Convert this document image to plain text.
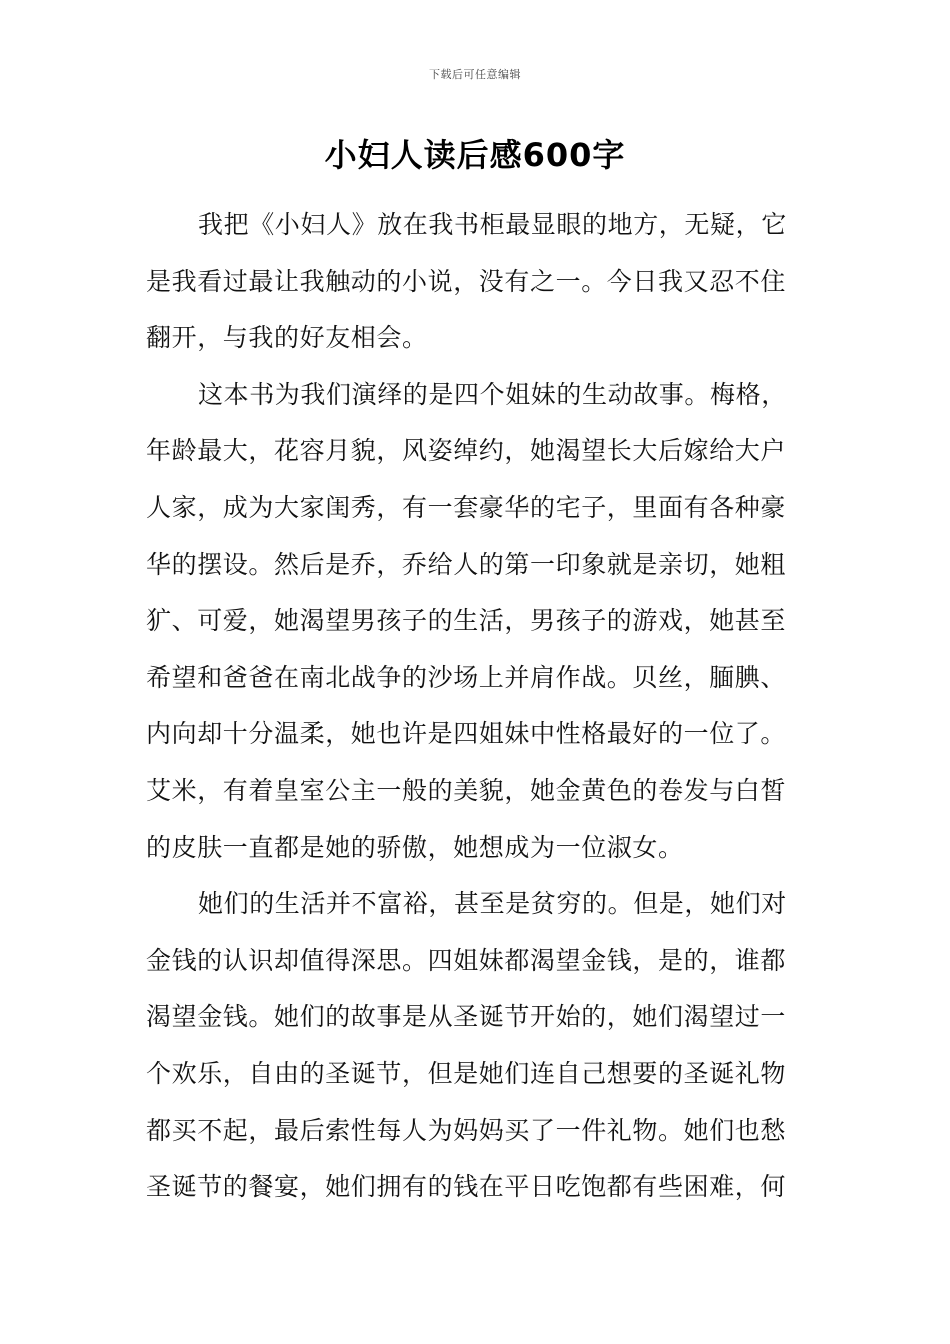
下载后可任意编辑
小妇人读后感600字
我把《小妇人》放在我书柜最显眼的地方，无疑，它
是我看过最让我触动的小说，没有之一。今日我又忍不住
翻开，与我的好友相会。
这本书为我们演绎的是四个姐妹的生动故事。梅格，
年龄最大，花容月貌，风姿绰约，她渴望长大后嫁给大户
人家，成为大家闺秀，有一套豪华的宅子，里面有各种豪
华的摆设。然后是乔，乔给人的第一印象就是亲切，她粗
犷、可爱，她渴望男孩子的生活，男孩子的游戏，她甚至
希望和爸爸在南北战争的沙场上并肩作战。贝丝，腼腆、
内向却十分温柔，她也许是四姐妹中性格最好的一位了。
艾米，有着皇室公主一般的美貌，她金黄色的卷发与白皙
的皮肤一直都是她的骄傲，她想成为一位淑女。
她们的生活并不富裕，甚至是贫穷的。但是，她们对
金钱的认识却值得深思。四姐妹都渴望金钱，是的，谁都
渴望金钱。她们的故事是从圣诞节开始的，她们渴望过一
个欢乐，自由的圣诞节，但是她们连自己想要的圣诞礼物
都买不起，最后索性每人为妈妈买了一件礼物。她们也愁
圣诞节的餐宴，她们拥有的钱在平日吃饱都有些困难，何
